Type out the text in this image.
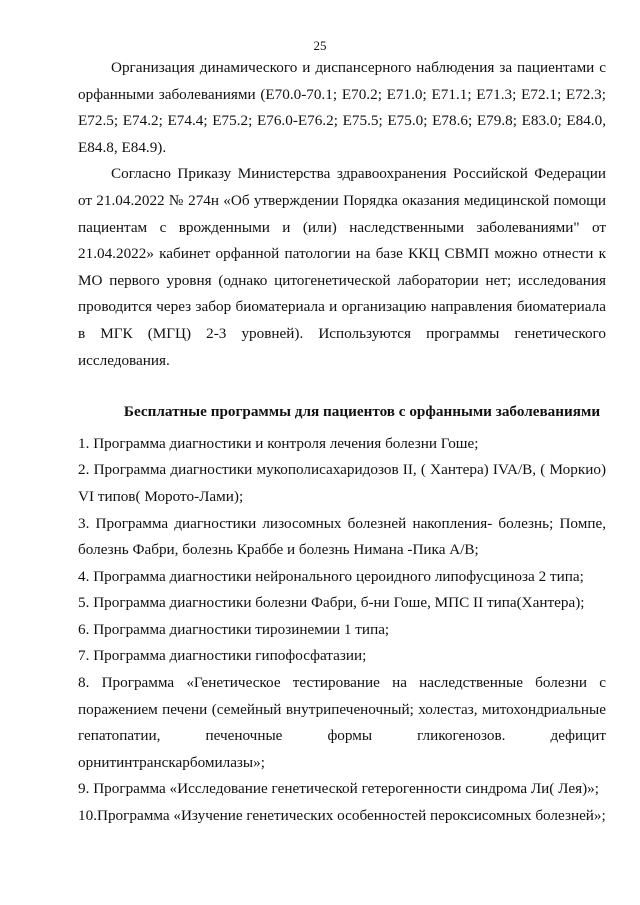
25

Организация динамического и диспансерного наблюдения за пациентами с орфанными заболеваниями (E70.0-70.1; E70.2; E71.0; E71.1; E71.3; E72.1; E72.3; E72.5; E74.2; E74.4; E75.2; E76.0-E76.2; E75.5; E75.0; E78.6; E79.8; E83.0; E84.0, E84.8, E84.9).

Согласно Приказу Министерства здравоохранения Российской Федерации от 21.04.2022 № 274н «Об утверждении Порядка оказания медицинской помощи пациентам с врожденными и (или) наследственными заболеваниями" от 21.04.2022» кабинет орфанной патологии на базе ККЦ СВМП можно отнести к МО первого уровня (однако цитогенетической лаборатории нет; исследования проводится через забор биоматериала и организацию направления биоматериала в МГК (МГЦ) 2-3 уровней). Используются программы генетического исследования.

Бесплатные программы для пациентов с орфанными заболеваниями

1. Программа диагностики и контроля лечения болезни Гоше;

2. Программа диагностики мукополисахаридозов II, ( Хантера) IVA/B, ( Моркио) VI типов( Морото-Лами);

3. Программа диагностики лизосомных болезней накопления- болезнь; Помпе, болезнь Фабри, болезнь Краббе и болезнь Нимана -Пика А/В;

4. Программа диагностики нейронального цероидного липофусциноза 2 типа;

5. Программа диагностики болезни Фабри, б-ни Гоше, МПС II типа(Хантера);

6. Программа диагностики тирозинемии 1 типа;

7. Программа диагностики гипофосфатазии;

8. Программа «Генетическое тестирование на наследственные болезни с поражением печени (семейный внутрипеченочный; холестаз, митохондриальные гепатопатии, печеночные формы гликогенозов. дефицит орнитинтранскарбомилазы»;

9. Программа «Исследование генетической гетерогенности синдрома Ли( Лея)»;

10.Программа «Изучение генетических особенностей пероксисомных болезней»;
